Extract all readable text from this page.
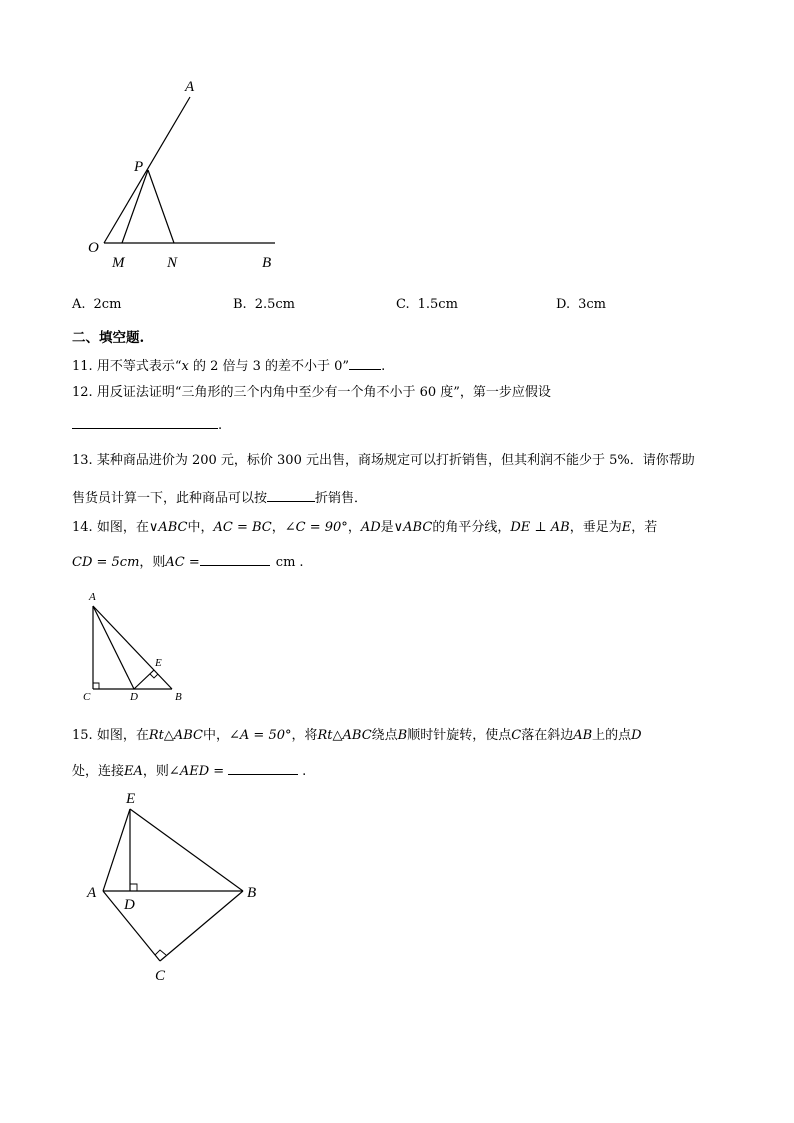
A
P
O
M	N	B
A. 2cm	B. 2.5cm	C. 1.5cm	D. 3cm
二、填空题.
11. 用不等式表示“x 的 2 倍与 3 的差不小于 0” .
12. 用反证法证明“三角形的三个内角中至少有一个角不小于 60 度”，第一步应假设
.
13. 某种商品进价为 200 元，标价 300 元出售，商场规定可以打折销售，但其利润不能少于 5%．请你帮助
售货员计算一下，此种商品可以按	折销售．
14. 如图，在∨ABC中，AC = BC，∠C = 90°，AD是∨ABC的角平分线，DE ⊥ AB，垂足为E，若
CD = 5cm，则AC =	cm .
A
C	D
E
B
15. 如图，在Rt△ABC中，∠A = 50°，将Rt△ABC绕点B顺时针旋转，使点C落在斜边AB上的点D
处，连接EA，则∠AED =	.
E
A
D
B
C
